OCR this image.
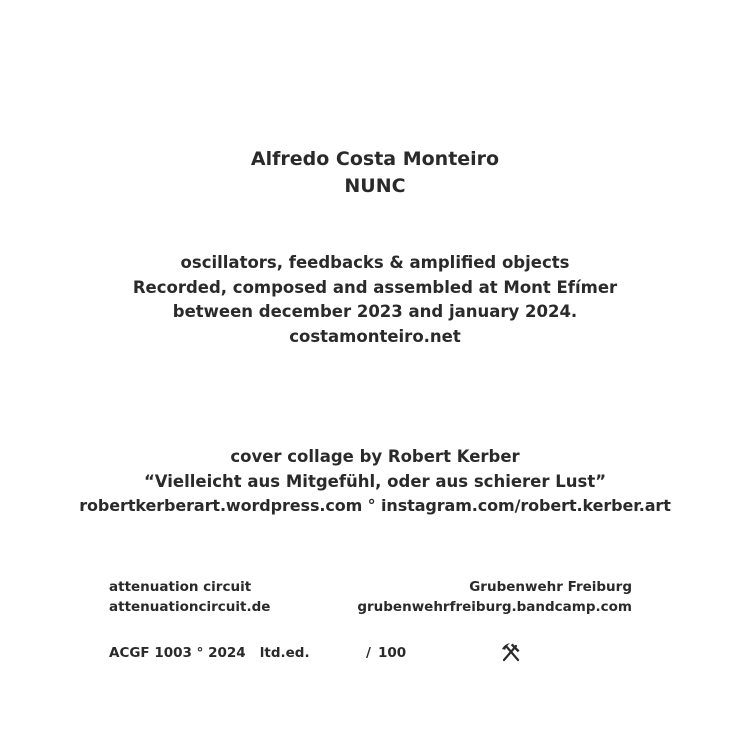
Alfredo Costa Monteiro
NUNC
oscillators, feedbacks & amplified objects
Recorded, composed and assembled at Mont Efímer
between december 2023 and january 2024.
costamonteiro.net
cover collage by Robert Kerber
“Vielleicht aus Mitgefühl, oder aus schierer Lust”
robertkerberart.wordpress.com ° instagram.com/robert.kerber.art
attenuation circuit
attenuationcircuit.de
Grubenwehr Freiburg
grubenwehrfreiburg.bandcamp.com
ACGF 1003 ° 2024   ltd.ed.	/ 100
